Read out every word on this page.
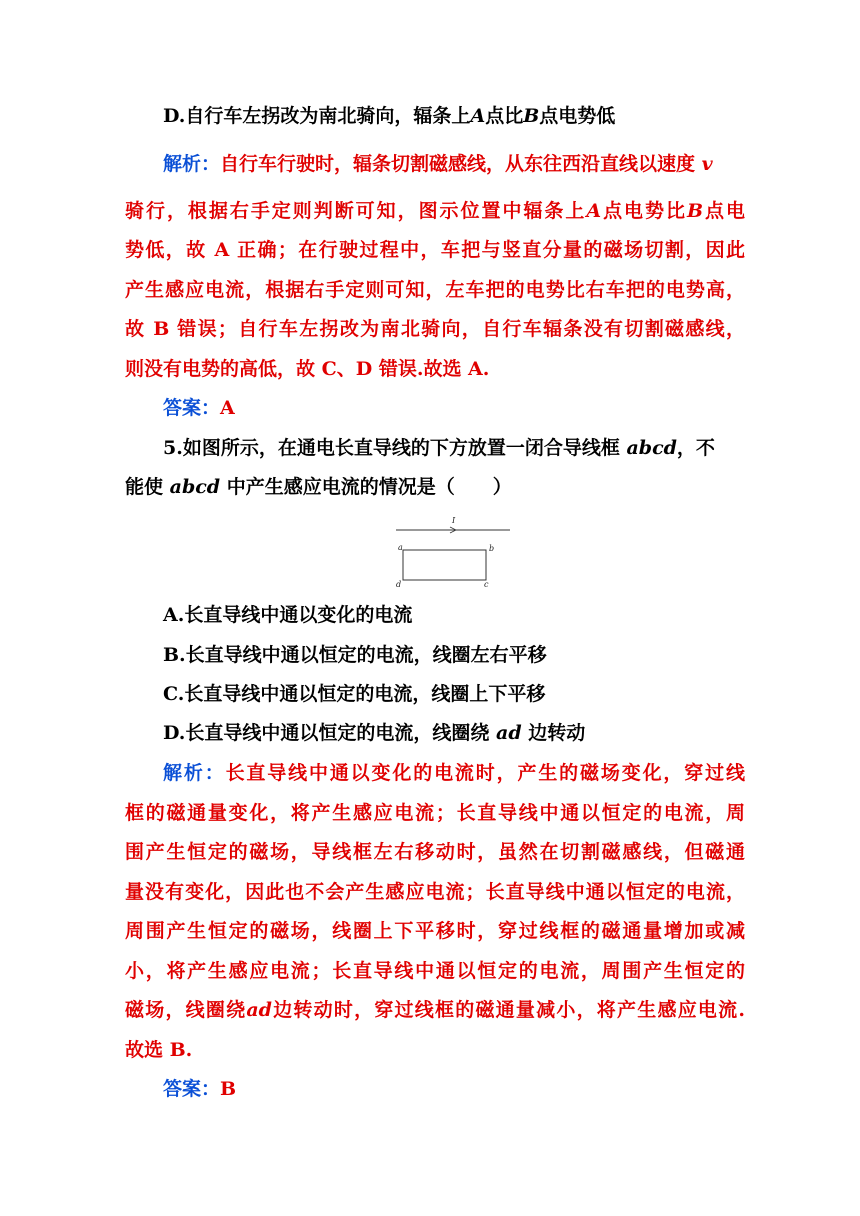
D.自行车左拐改为南北骑向，辐条上A点比B点电势低
解析：自行车行驶时，辐条切割磁感线，从东往西沿直线以速度 v
骑行，根据右手定则判断可知，图示位置中辐条上A点电势比B点电
势低，故 A 正确；在行驶过程中，车把与竖直分量的磁场切割，因此
产生感应电流，根据右手定则可知，左车把的电势比右车把的电势高，
故 B 错误；自行车左拐改为南北骑向，自行车辐条没有切割磁感线，
则没有电势的高低，故 C、D 错误.故选 A.
答案：A
5.如图所示，在通电长直导线的下方放置一闭合导线框 abcd，不
能使 abcd 中产生感应电流的情况是（　　）
I
a	b
c
d
A.长直导线中通以变化的电流
B.长直导线中通以恒定的电流，线圈左右平移
C.长直导线中通以恒定的电流，线圈上下平移
D.长直导线中通以恒定的电流，线圈绕 ad 边转动
解析：长直导线中通以变化的电流时，产生的磁场变化，穿过线
框的磁通量变化，将产生感应电流；长直导线中通以恒定的电流，周
围产生恒定的磁场，导线框左右移动时，虽然在切割磁感线，但磁通
量没有变化，因此也不会产生感应电流；长直导线中通以恒定的电流，
周围产生恒定的磁场，线圈上下平移时，穿过线框的磁通量增加或减
小，将产生感应电流；长直导线中通以恒定的电流，周围产生恒定的
磁场，线圈绕ad边转动时，穿过线框的磁通量减小，将产生感应电流.
故选 B.
答案：B
